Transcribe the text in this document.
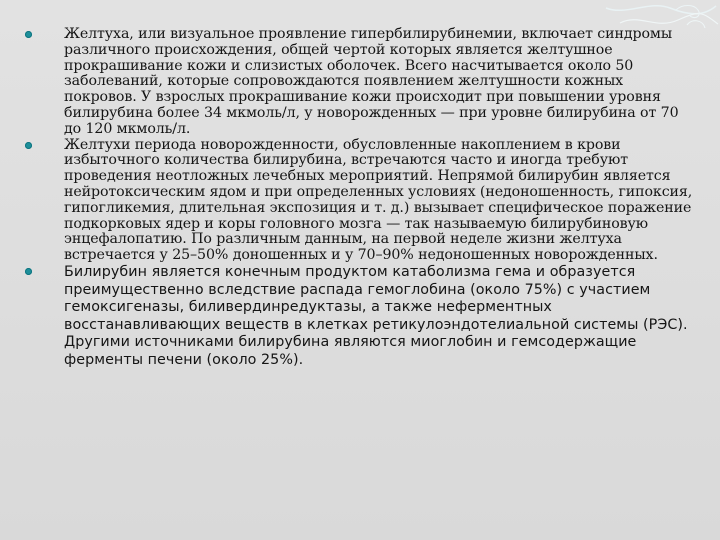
Желтуха, или визуальное проявление гипербилирубинемии, включает синдромы различного происхождения, общей чертой которых является желтушное прокрашивание кожи и слизистых оболочек. Всего насчитывается около 50 заболеваний, которые сопровождаются появлением желтушности кожных покровов. У взрослых прокрашивание кожи происходит при повышении уровня билирубина более 34 мкмоль/л, у новорожденных — при уровне билирубина от 70 до 120 мкмоль/л.
Желтухи периода новорожденности, обусловленные накоплением в крови избыточного количества билирубина, встречаются часто и иногда требуют проведения неотложных лечебных мероприятий. Непрямой билирубин является нейротоксическим ядом и при определенных условиях (недоношенность, гипоксия, гипогликемия, длительная экспозиция и т. д.) вызывает специфическое поражение подкорковых ядер и коры головного мозга — так называемую билирубиновую энцефалопатию. По различным данным, на первой неделе жизни желтуха встречается у 25–50% доношенных и у 70–90% недоношенных новорожденных.
Билирубин является конечным продуктом катаболизма гема и образуется преимущественно вследствие распада гемоглобина (около 75%) с участием гемоксигеназы, биливердинредуктазы, а также неферментных восстанавливающих веществ в клетках ретикулоэндотелиальной системы (РЭС). Другими источниками билирубина являются миоглобин и гемсодержащие ферменты печени (около 25%).
